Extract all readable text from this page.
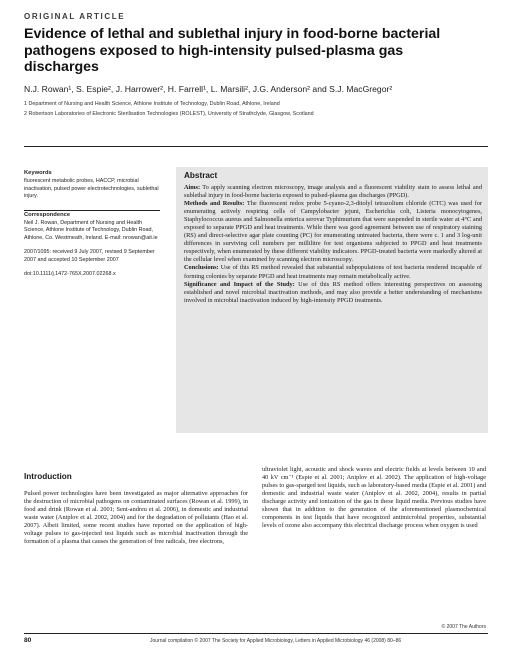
ORIGINAL ARTICLE
Evidence of lethal and sublethal injury in food-borne bacterial pathogens exposed to high-intensity pulsed-plasma gas discharges
N.J. Rowan¹, S. Espie², J. Harrower², H. Farrell¹, L. Marsili², J.G. Anderson² and S.J. MacGregor²
1 Department of Nursing and Health Science, Athlone Institute of Technology, Dublin Road, Athlone, Ireland
2 Robertson Laboratories of Electronic Sterilisation Technologies (ROLEST), University of Strathclyde, Glasgow, Scotland
Keywords
fluorescent metabolic probes, HACCP, microbial inactivation, pulsed power electrotechnologies, sublethal injury.
Correspondence
Neil J. Rowan, Department of Nursing and Health Science, Athlone Institute of Technology, Dublin Road, Athlone, Co. Westmeath, Ireland. E-mail: nrowan@ait.ie
2007/1095: received 9 July 2007, revised 9 September 2007 and accepted 10 September 2007
doi:10.1111/j.1472-765X.2007.02268.x
Abstract

Aims: To apply scanning electron microscopy, image analysis and a fluorescent viability stain to assess lethal and sublethal injury in food-borne bacteria exposed to pulsed-plasma gas discharges (PPGD).

Methods and Results: The fluorescent redox probe 5-cyano-2,3-ditolyl tetrazolium chloride (CTC) was used for enumerating actively respiring cells of Campylobacter jejuni, Escherichia coli, Listeria monocytogenes, Staphylococcus aureus and Salmonella enterica serovar Typhimurium that were suspended in sterile water at 4°C and exposed to separate PPGD and heat treatments. While there was good agreement between use of respiratory staining (RS) and direct-selective agar plate counting (PC) for enumerating untreated bacteria, there were c. 1 and 3 log-unit differences in surviving cell numbers per millilitre for test organisms subjected to PPGD and heat treatments respectively, when enumerated by these different viability indicators. PPGD-treated bacteria were markedly altered at the cellular level when examined by scanning electron microscopy.

Conclusions: Use of this RS method revealed that substantial subpopulations of test bacteria rendered incapable of forming colonies by separate PPGD and heat treatments may remain metabolically active.

Significance and Impact of the Study: Use of this RS method offers interesting perspectives on assessing established and novel microbial inactivation methods, and may also provide a better understanding of mechanisms involved in microbial inactivation induced by high-intensity PPGD treatments.

Introduction
Pulsed power technologies have been investigated as major alternative approaches for the destruction of microbial pathogens on contaminated surfaces (Rowan et al. 1999), in food and drink (Rowan et al. 2001; Sent-andreu et al. 2006), in domestic and industrial waste water (Aniplov et al. 2002, 2004) and for the degradation of pollutants (Hao et al. 2007). Albeit limited, some recent studies have reported on the application of high-voltage pulses to gas-injected test liquids such as microbial inactivation through the formation of a plasma that causes the generation of free radicals, free electrons,
ultraviolet light, acoustic and shock waves and electric fields at levels between 10 and 40 kV cm⁻¹ (Espie et al. 2001; Aniplov et al. 2002). The application of high-voltage pulses to gas-sparged test liquids, such as laboratory-based media (Espie et al. 2001) and domestic and industrial waste water (Aniplov et al. 2002, 2004), results in partial discharge activity and ionization of the gas in these liquid media. Previous studies have shown that in addition to the generation of the aforementioned plasmochemical components in test liquids that have recognized antimicrobial properties, substantial levels of ozone also accompany this electrical discharge process when oxygen is used
© 2007 The Authors
80	Journal compilation © 2007 The Society for Applied Microbiology, Letters in Applied Microbiology 46 (2008) 80–86
